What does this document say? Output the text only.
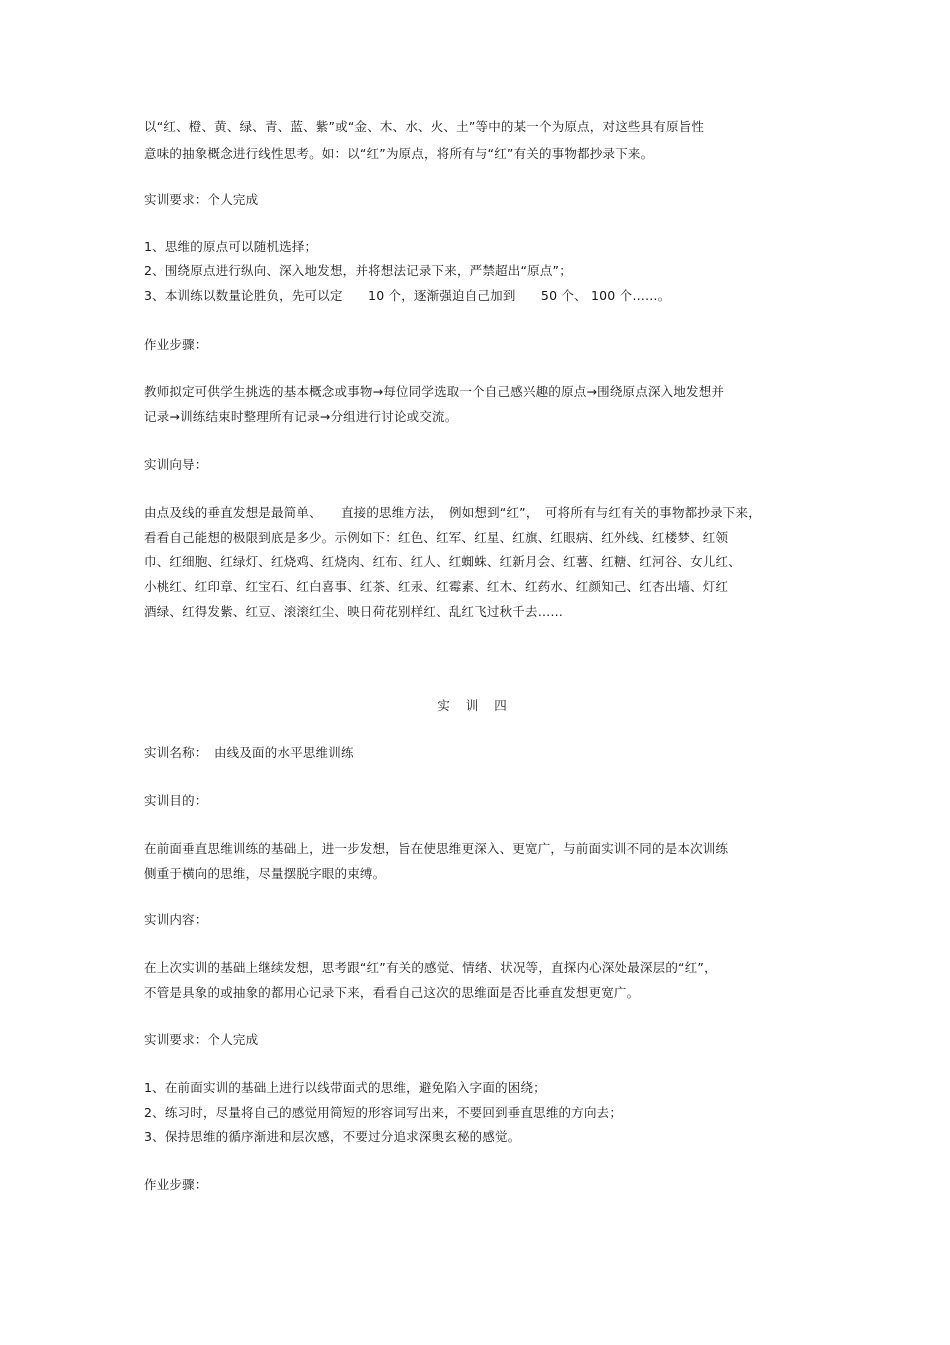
以“红、橙、黄、绿、青、蓝、紫”或“金、木、水、火、土”等中的某一个为原点，对这些具有原旨性
意味的抽象概念进行线性思考。如：以“红”为原点，将所有与“红”有关的事物都抄录下来。
实训要求：个人完成
1、思维的原点可以随机选择；
2、围绕原点进行纵向、深入地发想，并将想法记录下来，严禁超出“原点”；
3、本训练以数量论胜负，先可以定　　10 个，逐渐强迫自己加到　　50 个、 100 个……。
作业步骤：
教师拟定可供学生挑选的基本概念或事物→每位同学选取一个自己感兴趣的原点→围绕原点深入地发想并
记录→训练结束时整理所有记录→分组进行讨论或交流。
实训向导：
由点及线的垂直发想是最简单、　　直接的思维方法，　例如想到“红”，　可将所有与红有关的事物都抄录下来，
看看自己能想的极限到底是多少。示例如下：红色、红军、红星、红旗、红眼病、红外线、红楼梦、红领
巾、红细胞、红绿灯、红烧鸡、红烧肉、红布、红人、红蜘蛛、红新月会、红薯、红糖、红河谷、女儿红、
小桃红、红印章、红宝石、红白喜事、红茶、红汞、红霉素、红木、红药水、红颜知己、红杏出墙、灯红
酒绿、红得发紫、红豆、滚滚红尘、映日荷花别样红、乱红飞过秋千去……
实 训 四
实训名称：　由线及面的水平思维训练
实训目的：
在前面垂直思维训练的基础上，进一步发想，旨在使思维更深入、更宽广，与前面实训不同的是本次训练
侧重于横向的思维，尽量摆脱字眼的束缚。
实训内容：
在上次实训的基础上继续发想，思考跟“红”有关的感觉、情绪、状况等，直探内心深处最深层的“红”，
不管是具象的或抽象的都用心记录下来，看看自己这次的思维面是否比垂直发想更宽广。
实训要求：个人完成
1、在前面实训的基础上进行以线带面式的思维，避免陷入字面的困绕；
2、练习时，尽量将自己的感觉用简短的形容词写出来，不要回到垂直思维的方向去；
3、保持思维的循序渐进和层次感，不要过分追求深奥玄秘的感觉。
作业步骤：
